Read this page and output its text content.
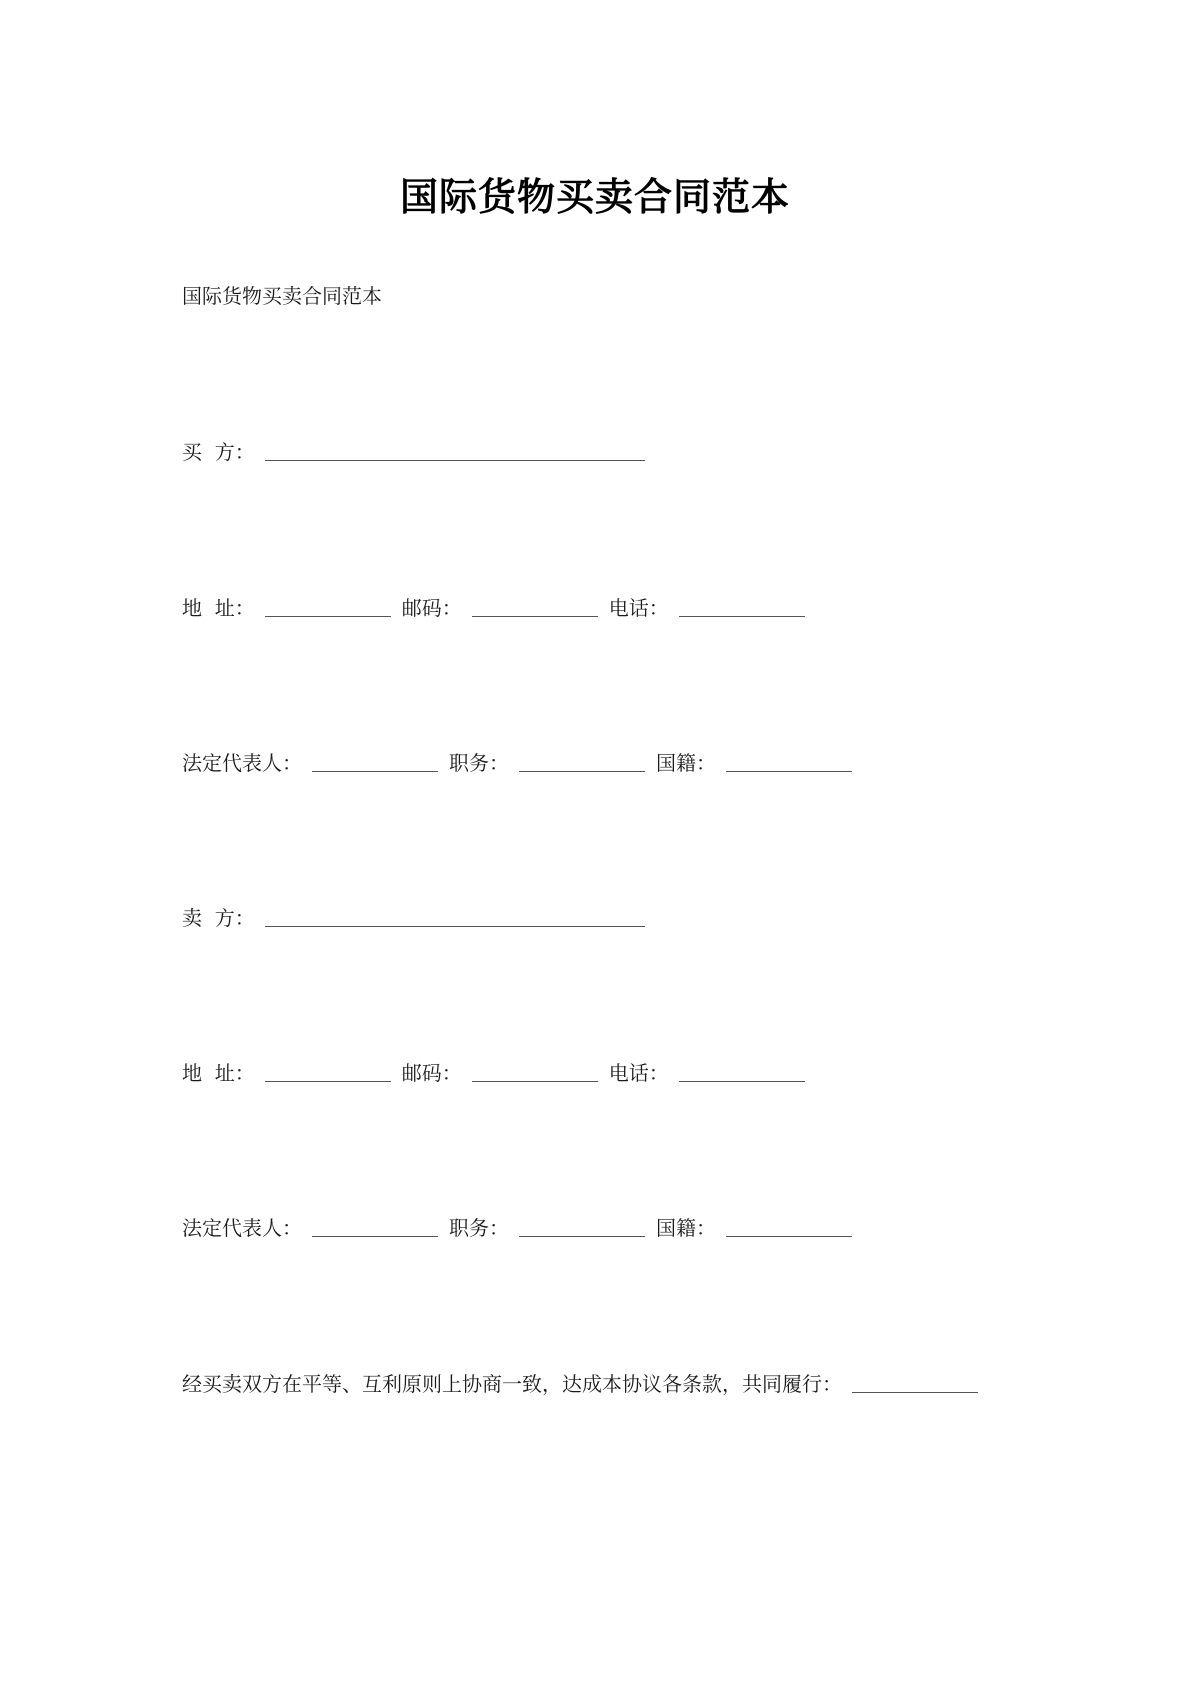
国际货物买卖合同范本
国际货物买卖合同范本
买  方：
地  址：	邮码：	电话：
法定代表人：	职务：	国籍：
卖  方：
地  址：	邮码：	电话：
法定代表人：	职务：	国籍：
经买卖双方在平等、互利原则上协商一致，达成本协议各条款，共同履行：
